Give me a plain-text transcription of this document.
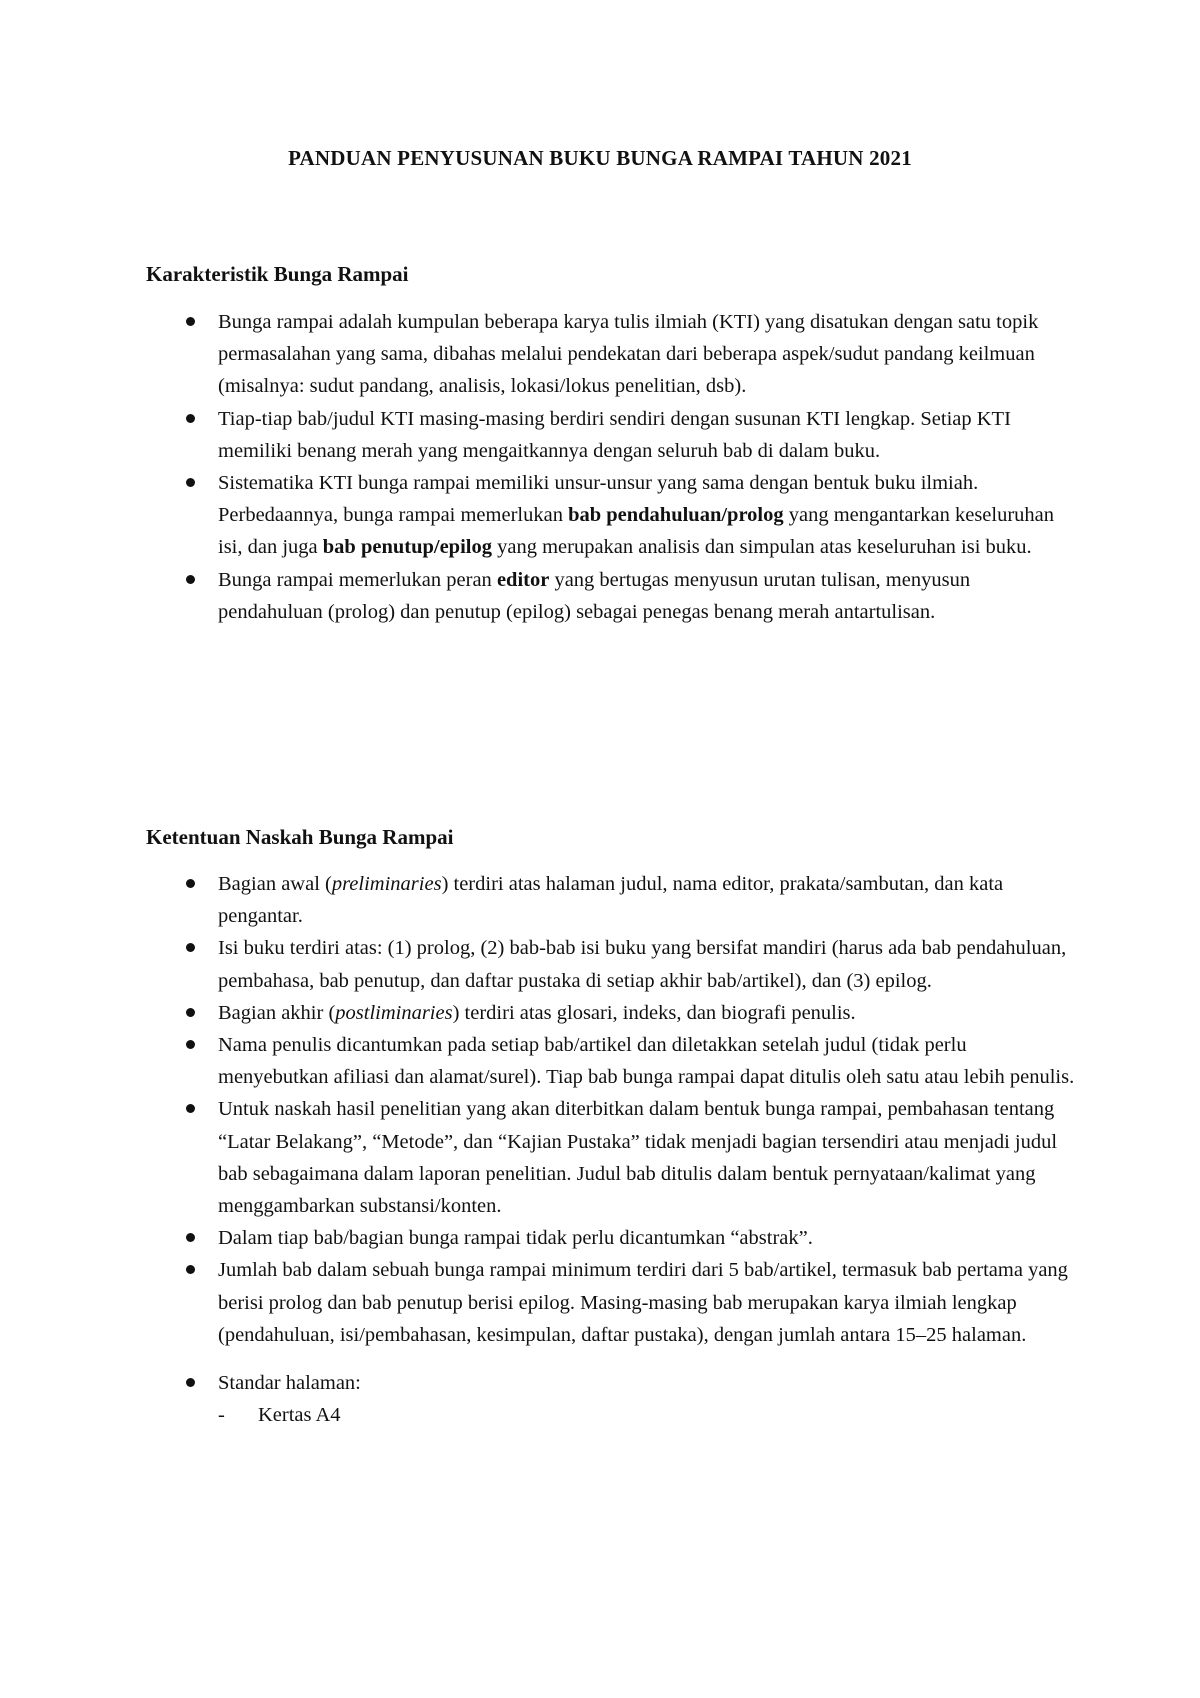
PANDUAN PENYUSUNAN BUKU BUNGA RAMPAI TAHUN 2021
Karakteristik Bunga Rampai
Bunga rampai adalah kumpulan beberapa karya tulis ilmiah (KTI) yang disatukan dengan satu topik permasalahan yang sama, dibahas melalui pendekatan dari beberapa aspek/sudut pandang keilmuan (misalnya: sudut pandang, analisis, lokasi/lokus penelitian, dsb).
Tiap-tiap bab/judul KTI masing-masing berdiri sendiri dengan susunan KTI lengkap. Setiap KTI memiliki benang merah yang mengaitkannya dengan seluruh bab di dalam buku.
Sistematika KTI bunga rampai memiliki unsur-unsur yang sama dengan bentuk buku ilmiah. Perbedaannya, bunga rampai memerlukan bab pendahuluan/prolog yang mengantarkan keseluruhan isi, dan juga bab penutup/epilog yang merupakan analisis dan simpulan atas keseluruhan isi buku.
Bunga rampai memerlukan peran editor yang bertugas menyusun urutan tulisan, menyusun pendahuluan (prolog) dan penutup (epilog) sebagai penegas benang merah antartulisan.
Ketentuan Naskah Bunga Rampai
Bagian awal (preliminaries) terdiri atas halaman judul, nama editor, prakata/sambutan, dan kata pengantar.
Isi buku terdiri atas: (1) prolog, (2) bab-bab isi buku yang bersifat mandiri (harus ada bab pendahuluan, pembahasa, bab penutup, dan daftar pustaka di setiap akhir bab/artikel), dan (3) epilog.
Bagian akhir (postliminaries) terdiri atas glosari, indeks, dan biografi penulis.
Nama penulis dicantumkan pada setiap bab/artikel dan diletakkan setelah judul (tidak perlu menyebutkan afiliasi dan alamat/surel). Tiap bab bunga rampai dapat ditulis oleh satu atau lebih penulis.
Untuk naskah hasil penelitian yang akan diterbitkan dalam bentuk bunga rampai, pembahasan tentang “Latar Belakang”, “Metode”, dan “Kajian Pustaka” tidak menjadi bagian tersendiri atau menjadi judul bab sebagaimana dalam laporan penelitian. Judul bab ditulis dalam bentuk pernyataan/kalimat yang menggambarkan substansi/konten.
Dalam tiap bab/bagian bunga rampai tidak perlu dicantumkan “abstrak”.
Jumlah bab dalam sebuah bunga rampai minimum terdiri dari 5 bab/artikel, termasuk bab pertama yang berisi prolog dan bab penutup berisi epilog. Masing-masing bab merupakan karya ilmiah lengkap (pendahuluan, isi/pembahasan, kesimpulan, daftar pustaka), dengan jumlah antara 15–25 halaman.
Standar halaman:
- Kertas A4
